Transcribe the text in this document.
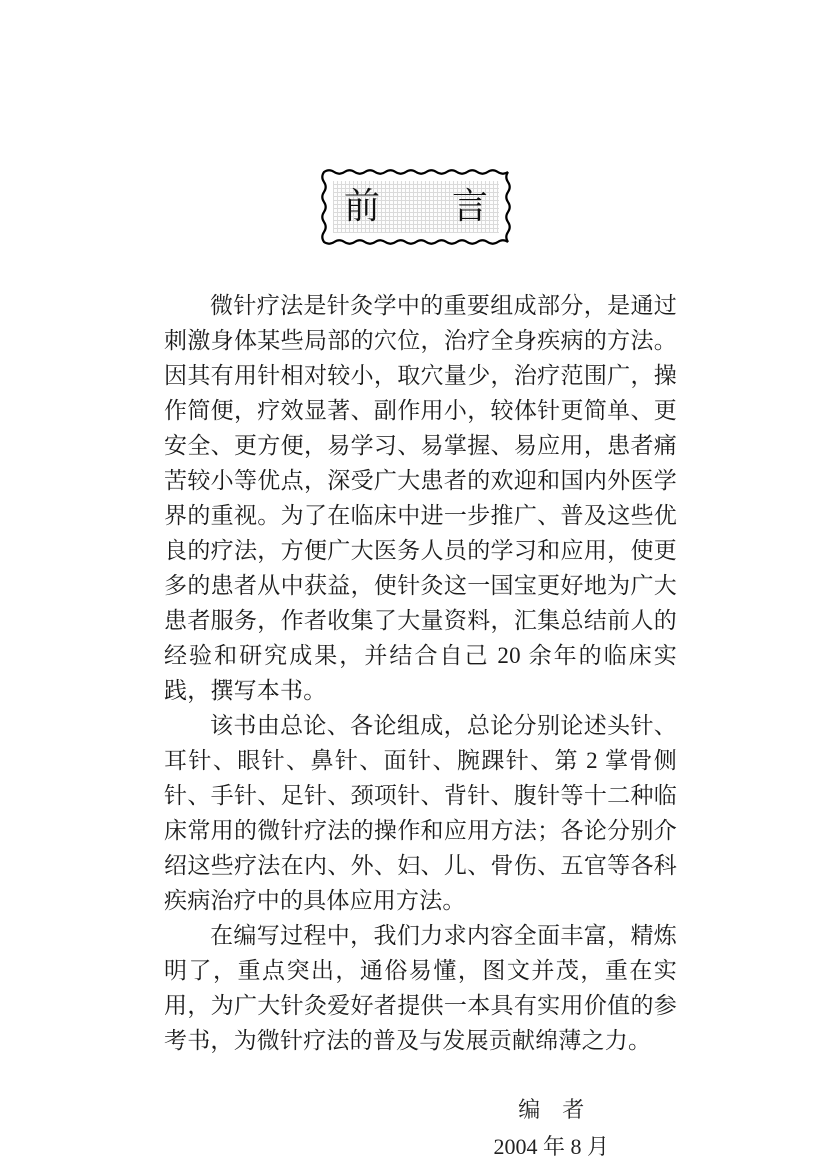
前　　言

微针疗法是针灸学中的重要组成部分，是通过刺激身体某些局部的穴位，治疗全身疾病的方法。因其有用针相对较小，取穴量少，治疗范围广，操作简便，疗效显著、副作用小，较体针更简单、更安全、更方便，易学习、易掌握、易应用，患者痛苦较小等优点，深受广大患者的欢迎和国内外医学界的重视。为了在临床中进一步推广、普及这些优良的疗法，方便广大医务人员的学习和应用，使更多的患者从中获益，使针灸这一国宝更好地为广大患者服务，作者收集了大量资料，汇集总结前人的经验和研究成果，并结合自己 20 余年的临床实践，撰写本书。

该书由总论、各论组成，总论分别论述头针、耳针、眼针、鼻针、面针、腕踝针、第 2 掌骨侧针、手针、足针、颈项针、背针、腹针等十二种临床常用的微针疗法的操作和应用方法；各论分别介绍这些疗法在内、外、妇、儿、骨伤、五官等各科疾病治疗中的具体应用方法。

在编写过程中，我们力求内容全面丰富，精炼明了，重点突出，通俗易懂，图文并茂，重在实用，为广大针灸爱好者提供一本具有实用价值的参考书，为微针疗法的普及与发展贡献绵薄之力。

编　者
2004 年 8 月
